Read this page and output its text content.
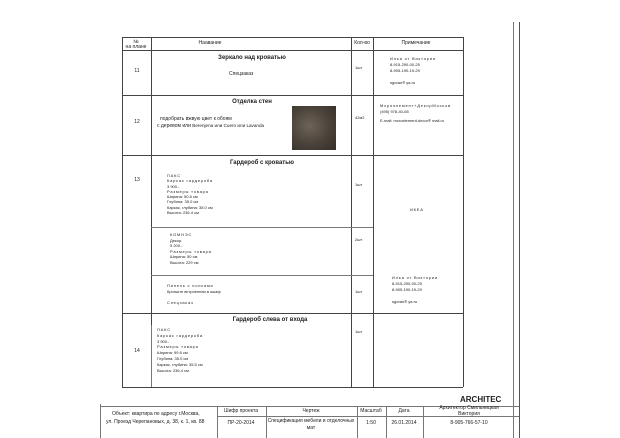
№
на плане
Наавание	Кол-во	Примечание
11
Зеркало над кроватью
Спецзаказ
1шт
Илья от Виктории
8-915-290-00-25
8-905-190-19-29

sgoran® ya.ru
12
Отделка стен
подобрать вжвую цвет к обоям
с деревом или Berenjena или Cuero или Lavanda
42м2
Мхроэлемент+ДекорМосков
(495) 978-40-65
E-mail: mcroelement-decor® mail.ru
13
Гардероб с кроватью
ПАКС
Каркас гардероба
3 900.-
Размеры товара
Ширина: 50.6 см
Глубина: 35.0 см
Каркас, глубина: 35.0 см
Высота: 236.4 см
1шт
КОМНЭС
Декор.
5 200.-
Размеры товара
Ширина: 50 см
Высота: 229 см
2шт
ИКЕА
Панель с полками
Кронште встроенная в шкаф

Спецзаказ
1шт
Илья от Виктории
8-915-290-00-25
8-905-190-19-29

sgoran® ya.ru
14
Гардероб слева от входа
1шт
ПАКС
Каркас гардероба
3 900.-
Размеры товара
Ширина: 99.6 см
Глубина: 35.0 см
Каркас, глубина: 35.5 см
Высота: 236.4 см
ARCHITEC
Объект: квартира по адресу г.Москва,
ул. Проезд Черепановых, д. 38, к. 1, кв. 88
Шифр проекта
ПР-20-2014
Чертеж
Спецификация мебели и отделочных
мат
Масштаб
1:50
Дата
26.01.2014
Архитектор Смильницкая
Виктория
8-905-766-57-10
